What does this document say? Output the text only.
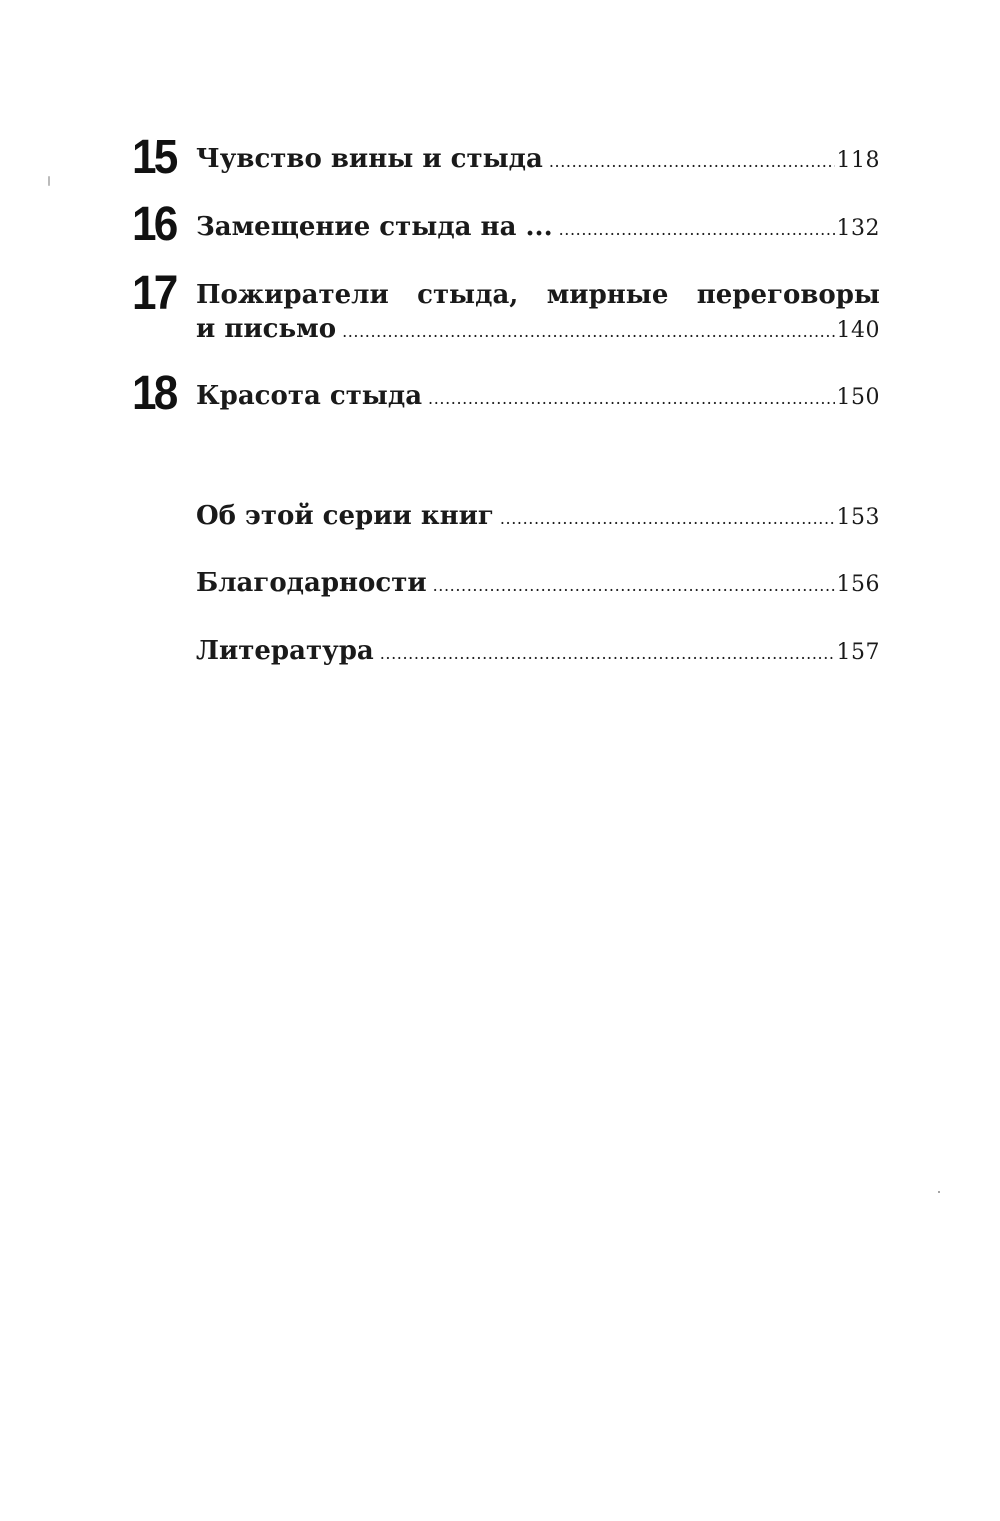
15 Чувство вины и стыда .....	118
16 Замещение стыда на ... .....	132
17 Пожиратели стыда, мирные переговоры
и письмо .....	140
18 Красота стыда .....	150
Об этой серии книг .....	153
Благодарности .....	156
Литература .....	157
